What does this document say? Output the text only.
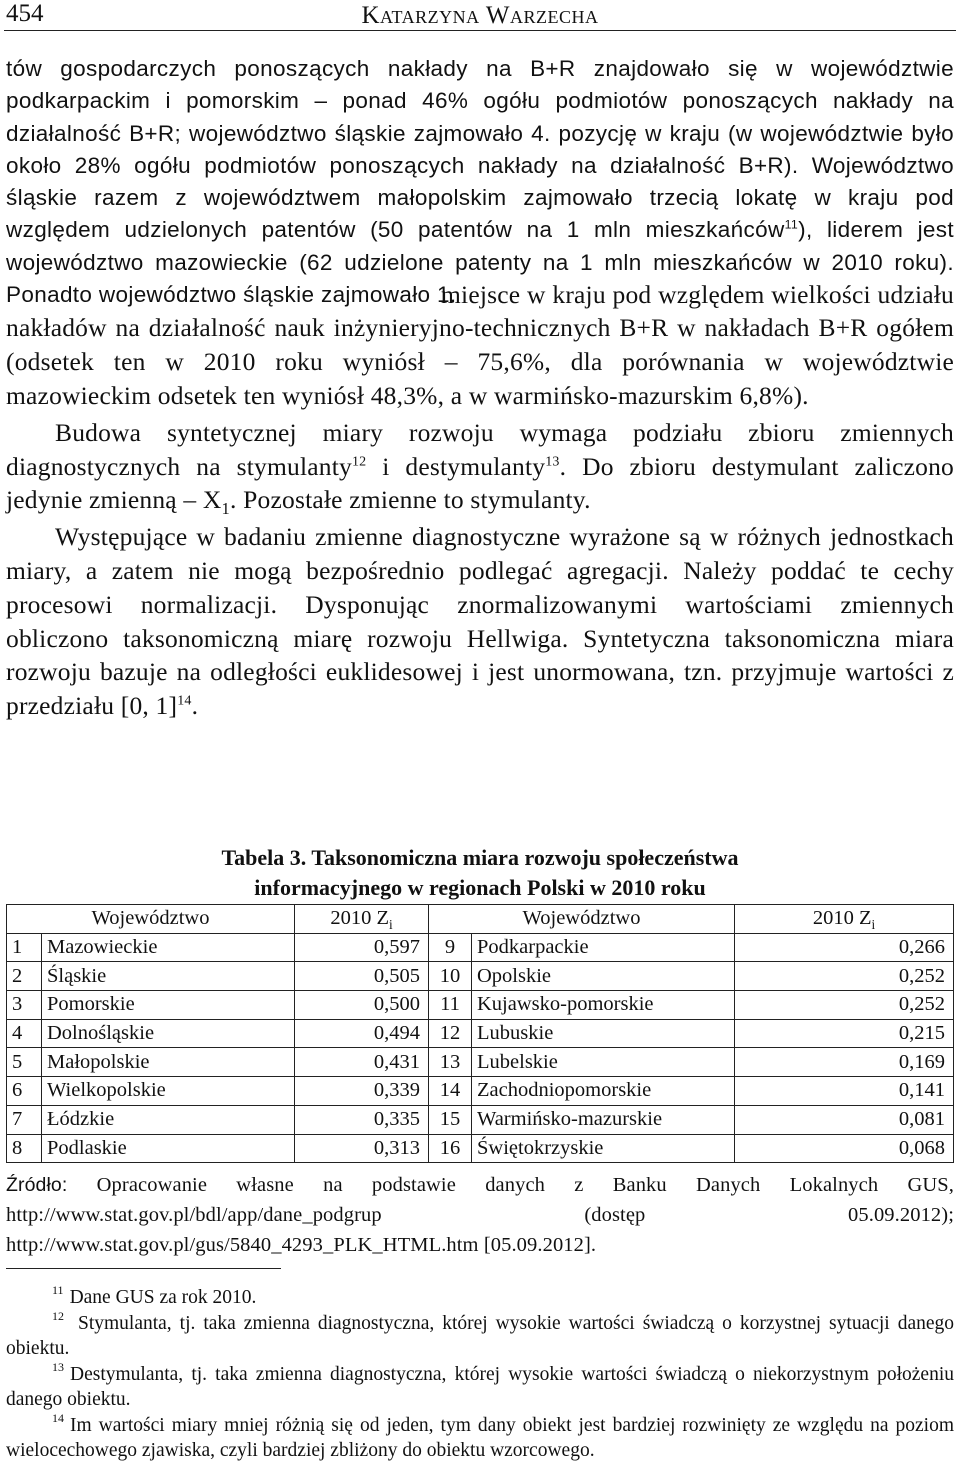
454	KATARZYNA WARZECHA

tów gospodarczych ponoszących nakłady na B+R znajdowało się w województwie podkarpackim i pomorskim – ponad 46% ogółu podmiotów ponoszących nakłady na działalność B+R; województwo śląskie zajmowało 4. pozycję w kraju (w województwie było około 28% ogółu podmiotów ponoszących nakłady na działalność B+R). Województwo śląskie razem z województwem małopolskim zajmowało trzecią lokatę w kraju pod względem udzielonych patentów (50 patentów na 1 mln mieszkańców$^{11}$), liderem jest województwo mazowieckie (62 udzielone patenty na 1 mln mieszkańców w 2010 roku). Ponadto województwo śląskie zajmowało 1.

miejsce w kraju pod względem wielkości udziału nakładów na działalność nauk inżynieryjno-technicznych B+R w nakładach B+R ogółem (odsetek ten w 2010 roku wyniósł – 75,6%, dla porównania w województwie mazowieckim odsetek ten wyniósł 48,3%, a w warmińsko-mazurskim 6,8%).

Budowa syntetycznej miary rozwoju wymaga podziału zbioru zmiennych diagnostycznych na stymulanty$^{12}$ i destymulanty$^{13}$. Do zbioru destymulant zaliczono jedynie zmienną – $X_1$. Pozostałe zmienne to stymulanty.

Występujące w badaniu zmienne diagnostyczne wyrażone są w różnych jednostkach miary, a zatem nie mogą bezpośrednio podlegać agregacji. Należy poddać te cechy procesowi normalizacji. Dysponując znormalizowanymi wartościami zmiennych obliczono taksonomiczną miarę rozwoju Hellwiga. Syntetyczna taksonomiczna miara rozwoju bazuje na odległości euklidesowej i jest unormowana, tzn. przyjmuje wartości z przedziału [0, 1]$^{14}$.

Tabela 3. Taksonomiczna miara rozwoju społeczeństwa
informacyjnego w regionach Polski w 2010 roku
Województwo		2010 $Z_i$	Województwo		2010 $Z_i$
1	Mazowieckie	0,597	9	Podkarpackie	0,266
2	Śląskie	0,505	10	Opolskie	0,252
3	Pomorskie	0,500	11	Kujawsko-pomorskie	0,252
4	Dolnośląskie	0,494	12	Lubuskie	0,215
5	Małopolskie	0,431	13	Lubelskie	0,169
6	Wielkopolskie	0,339	14	Zachodniopomorskie	0,141
7	Łódzkie	0,335	15	Warmińsko-mazurskie	0,081
8	Podlaskie	0,313	16	Świętokrzyskie	0,068
Źródło: Opracowanie własne na podstawie danych z Banku Danych Lokalnych GUS, http://www.stat.gov.pl/bdl/app/dane_podgrup (dostęp 05.09.2012); http://www.stat.gov.pl/gus/5840_4293_PLK_HTML.htm [05.09.2012].

$^{11}$ Dane GUS za rok 2010.

$^{12}$ Stymulanta, tj. taka zmienna diagnostyczna, której wysokie wartości świadczą o korzystnej sytuacji danego obiektu.

$^{13}$ Destymulanta, tj. taka zmienna diagnostyczna, której wysokie wartości świadczą o niekorzystnym położeniu danego obiektu.

$^{14}$ Im wartości miary mniej różnią się od jeden, tym dany obiekt jest bardziej rozwinięty ze względu na poziom wielocechowego zjawiska, czyli bardziej zbliżony do obiektu wzorcowego.
